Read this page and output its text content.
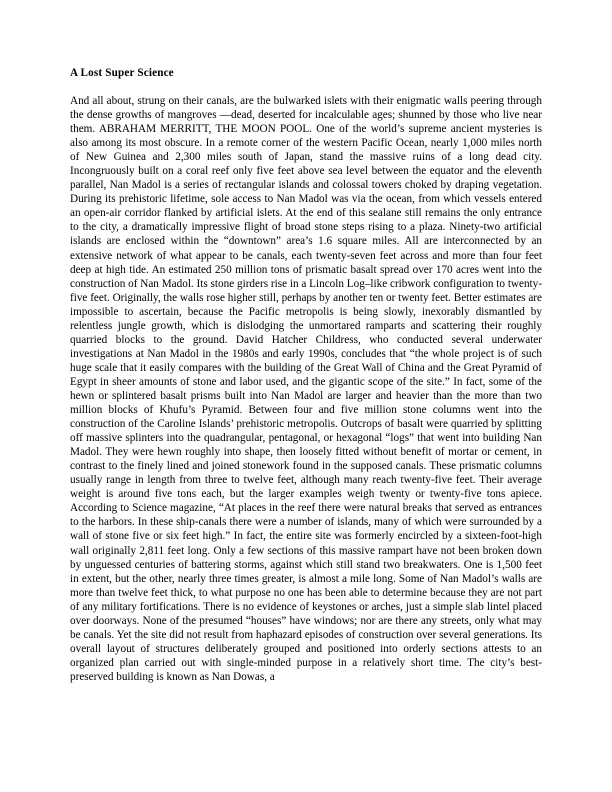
A Lost Super Science

And all about, strung on their canals, are the bulwarked islets with their enigmatic walls peering through the dense growths of mangroves —dead, deserted for incalculable ages; shunned by those who live near them. ABRAHAM MERRITT, THE MOON POOL. One of the world’s supreme ancient mysteries is also among its most obscure. In a remote corner of the western Pacific Ocean, nearly 1,000 miles north of New Guinea and 2,300 miles south of Japan, stand the massive ruins of a long dead city. Incongruously built on a coral reef only five feet above sea level between the equator and the eleventh parallel, Nan Madol is a series of rectangular islands and colossal towers choked by draping vegetation. During its prehistoric lifetime, sole access to Nan Madol was via the ocean, from which vessels entered an open-air corridor flanked by artificial islets. At the end of this sealane still remains the only entrance to the city, a dramatically impressive flight of broad stone steps rising to a plaza. Ninety-two artificial islands are enclosed within the “downtown” area’s 1.6 square miles. All are interconnected by an extensive network of what appear to be canals, each twenty-seven feet across and more than four feet deep at high tide. An estimated 250 million tons of prismatic basalt spread over 170 acres went into the construction of Nan Madol. Its stone girders rise in a Lincoln Log–like cribwork configuration to twenty-five feet. Originally, the walls rose higher still, perhaps by another ten or twenty feet. Better estimates are impossible to ascertain, because the Pacific metropolis is being slowly, inexorably dismantled by relentless jungle growth, which is dislodging the unmortared ramparts and scattering their roughly quarried blocks to the ground. David Hatcher Childress, who conducted several underwater investigations at Nan Madol in the 1980s and early 1990s, concludes that “the whole project is of such huge scale that it easily compares with the building of the Great Wall of China and the Great Pyramid of Egypt in sheer amounts of stone and labor used, and the gigantic scope of the site.” In fact, some of the hewn or splintered basalt prisms built into Nan Madol are larger and heavier than the more than two million blocks of Khufu’s Pyramid. Between four and five million stone columns went into the construction of the Caroline Islands’ prehistoric metropolis. Outcrops of basalt were quarried by splitting off massive splinters into the quadrangular, pentagonal, or hexagonal “logs” that went into building Nan Madol. They were hewn roughly into shape, then loosely fitted without benefit of mortar or cement, in contrast to the finely lined and joined stonework found in the supposed canals. These prismatic columns usually range in length from three to twelve feet, although many reach twenty-five feet. Their average weight is around five tons each, but the larger examples weigh twenty or twenty-five tons apiece. According to Science magazine, “At places in the reef there were natural breaks that served as entrances to the harbors. In these ship-canals there were a number of islands, many of which were surrounded by a wall of stone five or six feet high.” In fact, the entire site was formerly encircled by a sixteen-foot-high wall originally 2,811 feet long. Only a few sections of this massive rampart have not been broken down by unguessed centuries of battering storms, against which still stand two breakwaters. One is 1,500 feet in extent, but the other, nearly three times greater, is almost a mile long. Some of Nan Madol’s walls are more than twelve feet thick, to what purpose no one has been able to determine because they are not part of any military fortifications. There is no evidence of keystones or arches, just a simple slab lintel placed over doorways. None of the presumed “houses” have windows; nor are there any streets, only what may be canals. Yet the site did not result from haphazard episodes of construction over several generations. Its overall layout of structures deliberately grouped and positioned into orderly sections attests to an organized plan carried out with single-minded purpose in a relatively short time. The city’s best-preserved building is known as Nan Dowas, a
